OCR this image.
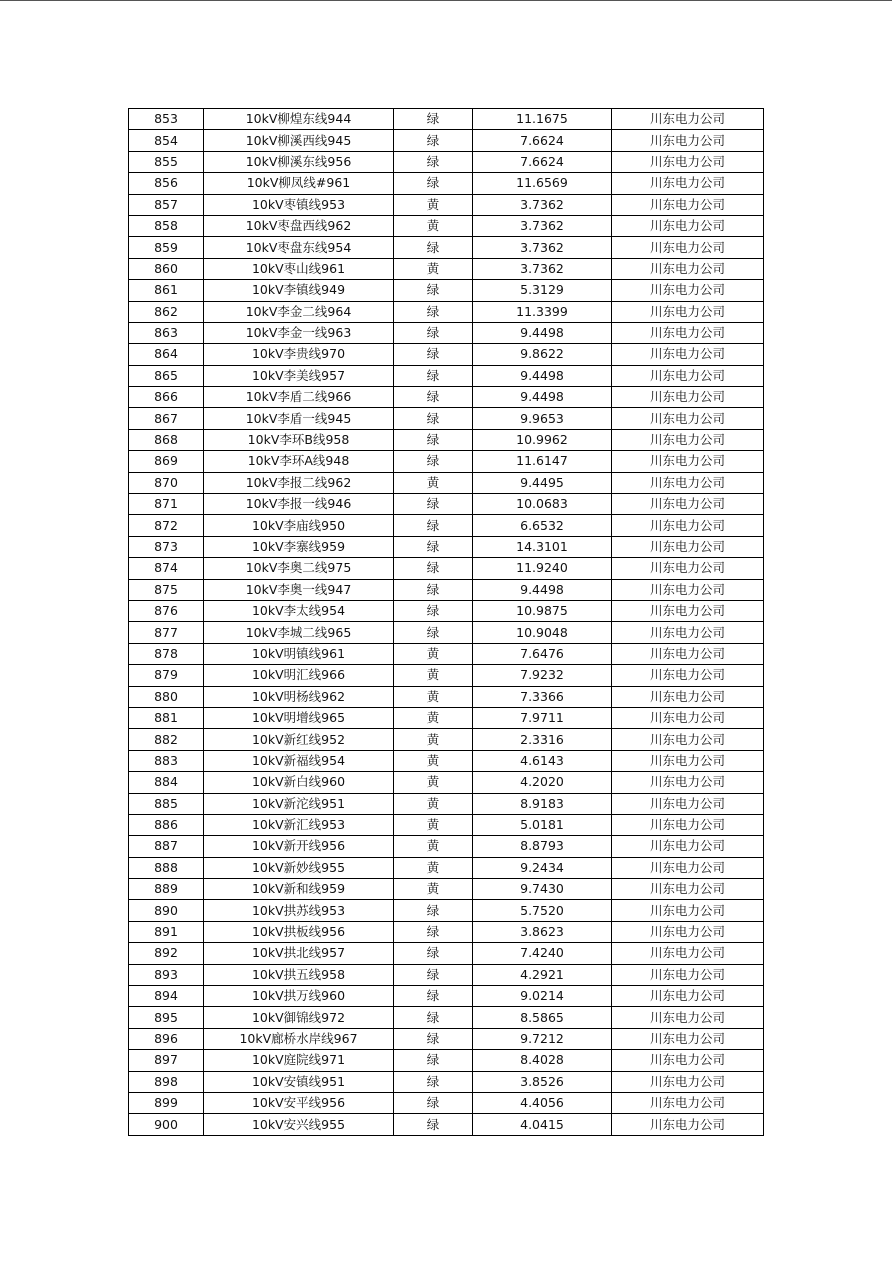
853	10kV柳煌东线944	绿	11.1675	川东电力公司
854	10kV柳溪西线945	绿	7.6624	川东电力公司
855	10kV柳溪东线956	绿	7.6624	川东电力公司
856	10kV柳凤线#961	绿	11.6569	川东电力公司
857	10kV枣镇线953	黄	3.7362	川东电力公司
858	10kV枣盘西线962	黄	3.7362	川东电力公司
859	10kV枣盘东线954	绿	3.7362	川东电力公司
860	10kV枣山线961	黄	3.7362	川东电力公司
861	10kV李镇线949	绿	5.3129	川东电力公司
862	10kV李金二线964	绿	11.3399	川东电力公司
863	10kV李金一线963	绿	9.4498	川东电力公司
864	10kV李贵线970	绿	9.8622	川东电力公司
865	10kV李美线957	绿	9.4498	川东电力公司
866	10kV李盾二线966	绿	9.4498	川东电力公司
867	10kV李盾一线945	绿	9.9653	川东电力公司
868	10kV李环B线958	绿	10.9962	川东电力公司
869	10kV李环A线948	绿	11.6147	川东电力公司
870	10kV李报二线962	黄	9.4495	川东电力公司
871	10kV李报一线946	绿	10.0683	川东电力公司
872	10kV李庙线950	绿	6.6532	川东电力公司
873	10kV李寨线959	绿	14.3101	川东电力公司
874	10kV李奥二线975	绿	11.9240	川东电力公司
875	10kV李奥一线947	绿	9.4498	川东电力公司
876	10kV李太线954	绿	10.9875	川东电力公司
877	10kV李城二线965	绿	10.9048	川东电力公司
878	10kV明镇线961	黄	7.6476	川东电力公司
879	10kV明汇线966	黄	7.9232	川东电力公司
880	10kV明杨线962	黄	7.3366	川东电力公司
881	10kV明增线965	黄	7.9711	川东电力公司
882	10kV新红线952	黄	2.3316	川东电力公司
883	10kV新福线954	黄	4.6143	川东电力公司
884	10kV新白线960	黄	4.2020	川东电力公司
885	10kV新沱线951	黄	8.9183	川东电力公司
886	10kV新汇线953	黄	5.0181	川东电力公司
887	10kV新开线956	黄	8.8793	川东电力公司
888	10kV新妙线955	黄	9.2434	川东电力公司
889	10kV新和线959	黄	9.7430	川东电力公司
890	10kV拱苏线953	绿	5.7520	川东电力公司
891	10kV拱板线956	绿	3.8623	川东电力公司
892	10kV拱北线957	绿	7.4240	川东电力公司
893	10kV拱五线958	绿	4.2921	川东电力公司
894	10kV拱万线960	绿	9.0214	川东电力公司
895	10kV御锦线972	绿	8.5865	川东电力公司
896	10kV廊桥水岸线967	绿	9.7212	川东电力公司
897	10kV庭院线971	绿	8.4028	川东电力公司
898	10kV安镇线951	绿	3.8526	川东电力公司
899	10kV安平线956	绿	4.4056	川东电力公司
900	10kV安兴线955	绿	4.0415	川东电力公司
